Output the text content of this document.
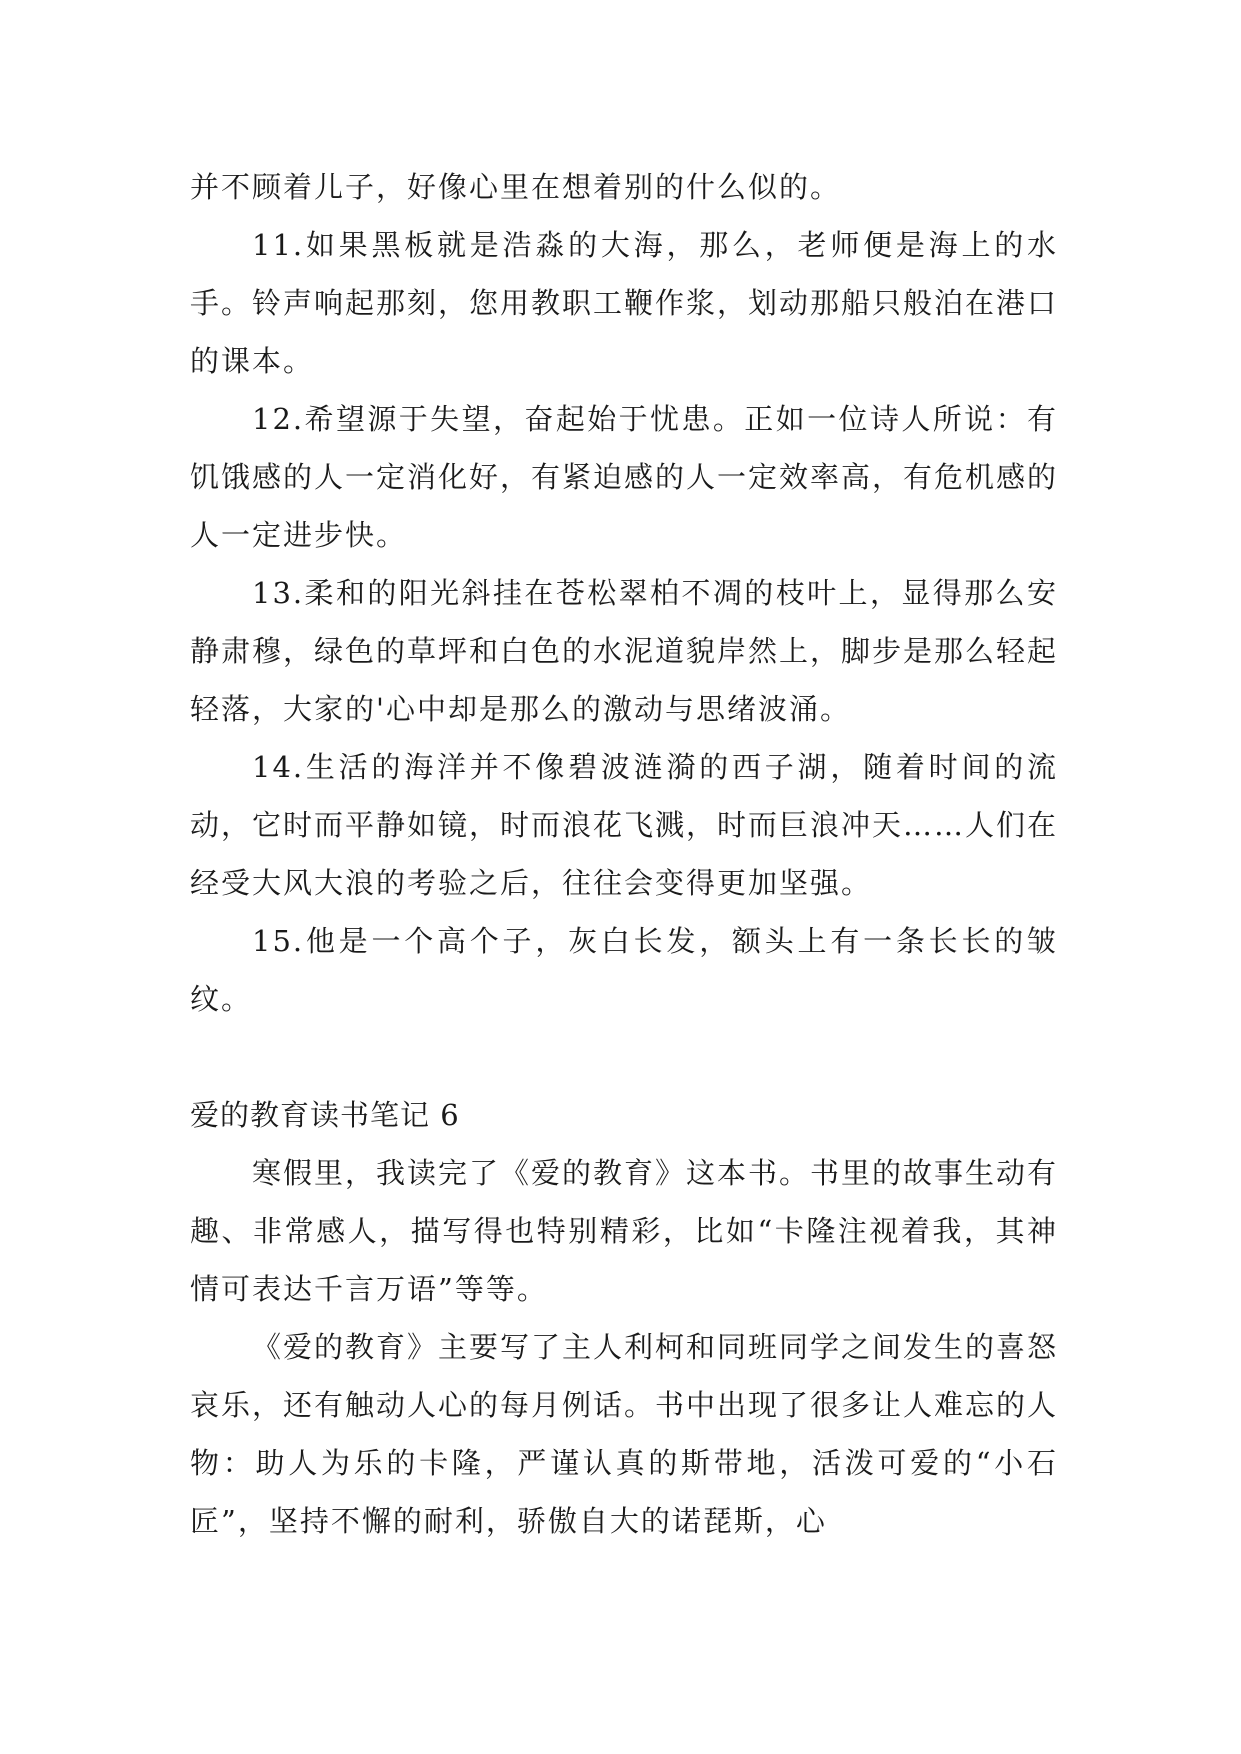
并不顾着儿子，好像心里在想着别的什么似的。

11.如果黑板就是浩淼的大海，那么，老师便是海上的水手。铃声响起那刻，您用教职工鞭作浆，划动那船只般泊在港口的课本。

12.希望源于失望，奋起始于忧患。正如一位诗人所说：有饥饿感的人一定消化好，有紧迫感的人一定效率高，有危机感的人一定进步快。

13.柔和的阳光斜挂在苍松翠柏不凋的枝叶上，显得那么安静肃穆，绿色的草坪和白色的水泥道貌岸然上，脚步是那么轻起轻落，大家的'心中却是那么的激动与思绪波涌。

14.生活的海洋并不像碧波涟漪的西子湖，随着时间的流动，它时而平静如镜，时而浪花飞溅，时而巨浪冲天……人们在经受大风大浪的考验之后，往往会变得更加坚强。

15.他是一个高个子，灰白长发，额头上有一条长长的皱纹。

爱的教育读书笔记 6

寒假里，我读完了《爱的教育》这本书。书里的故事生动有趣、非常感人，描写得也特别精彩，比如“卡隆注视着我，其神情可表达千言万语”等等。

《爱的教育》主要写了主人利柯和同班同学之间发生的喜怒哀乐，还有触动人心的每月例话。书中出现了很多让人难忘的人物：助人为乐的卡隆，严谨认真的斯带地，活泼可爱的“小石匠”，坚持不懈的耐利，骄傲自大的诺琵斯，心
